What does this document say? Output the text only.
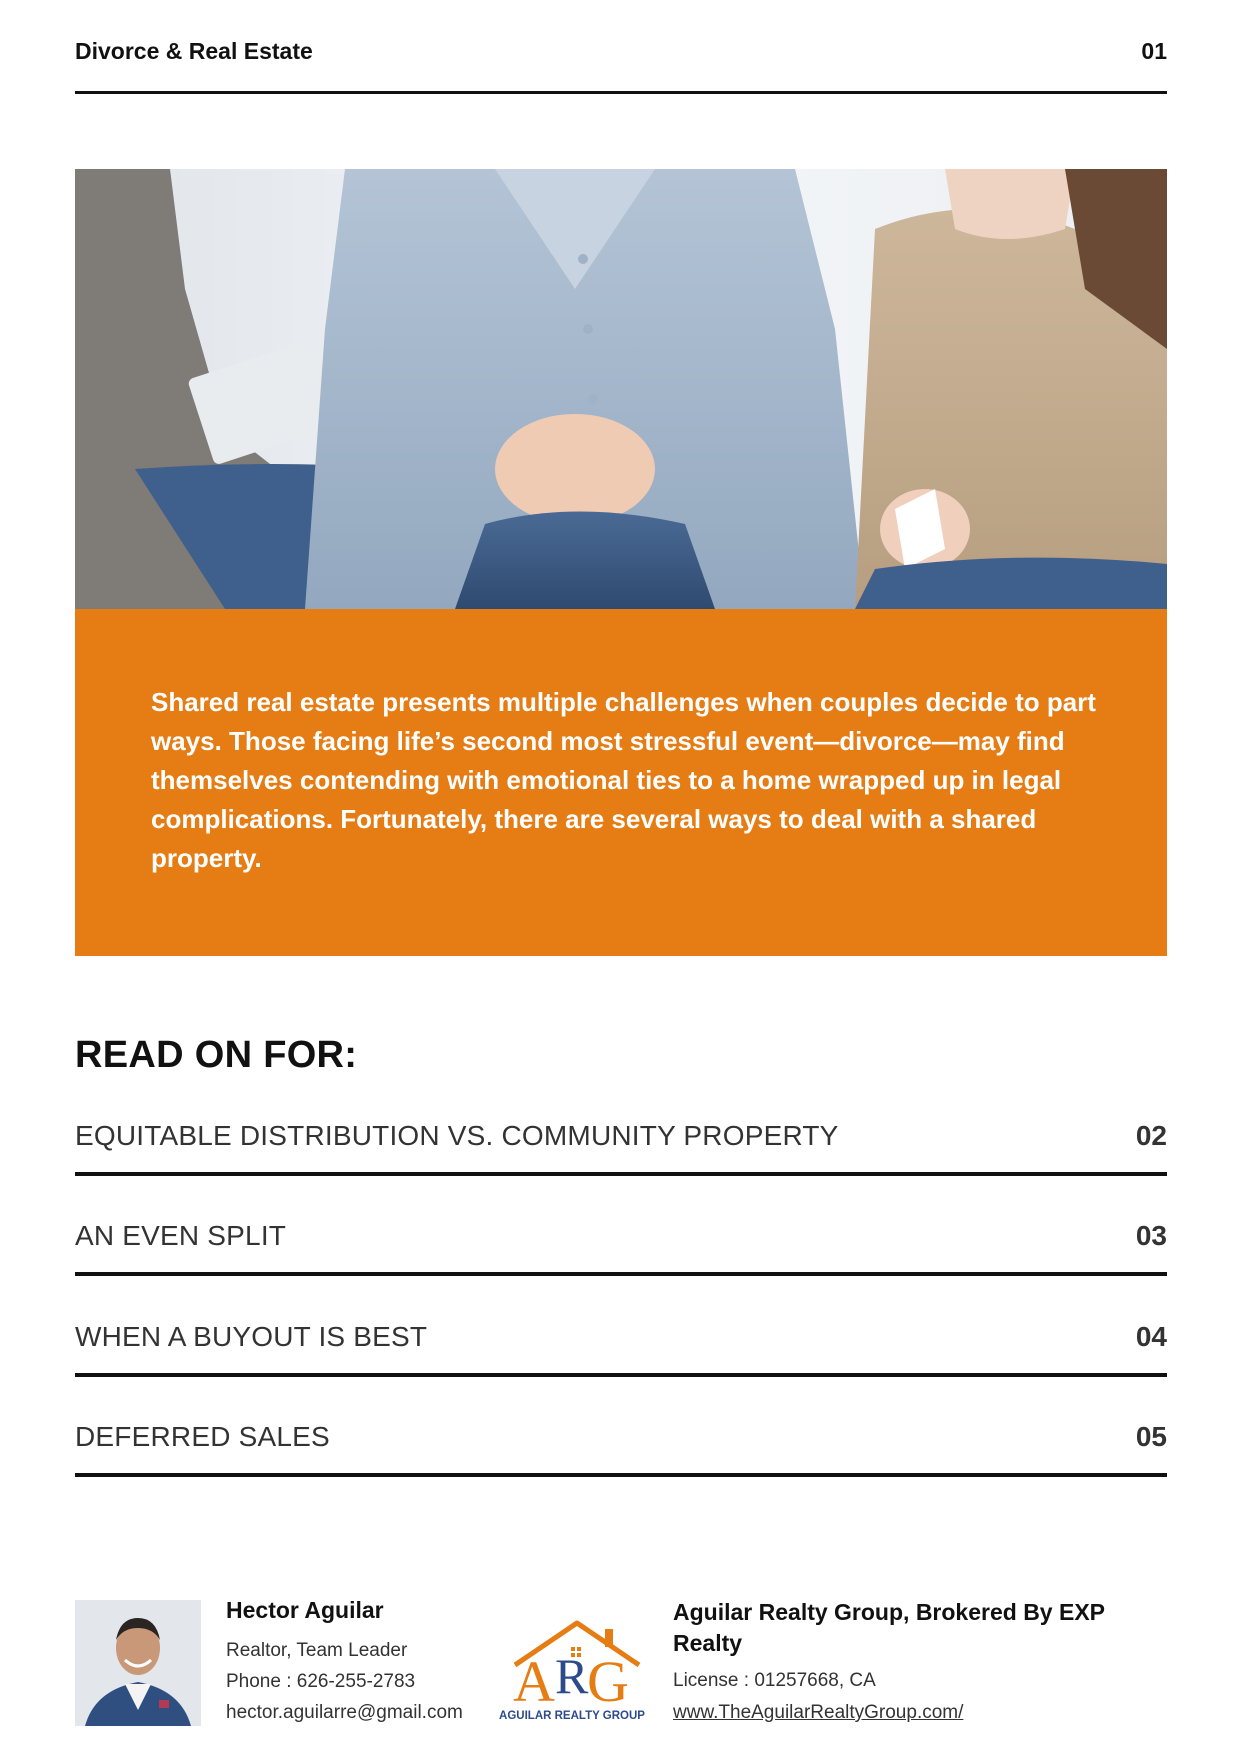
Divorce & Real Estate	01

Shared real estate presents multiple challenges when couples decide to part ways. Those facing life’s second most stressful event—divorce—may find themselves contending with emotional ties to a home wrapped up in legal complications. Fortunately, there are several ways to deal with a shared property.

READ ON FOR:
EQUITABLE DISTRIBUTION VS. COMMUNITY PROPERTY	02
AN EVEN SPLIT	03
WHEN A BUYOUT IS BEST	04
DEFERRED SALES	05
Hector Aguilar
Realtor, Team Leader
Phone : 626-255-2783
hector.aguilarre@gmail.com A R
G
AGUILAR REALTY GROUP
Aguilar Realty Group, Brokered By EXP Realty
License : 01257668, CA
www.TheAguilarRealtyGroup.com/
